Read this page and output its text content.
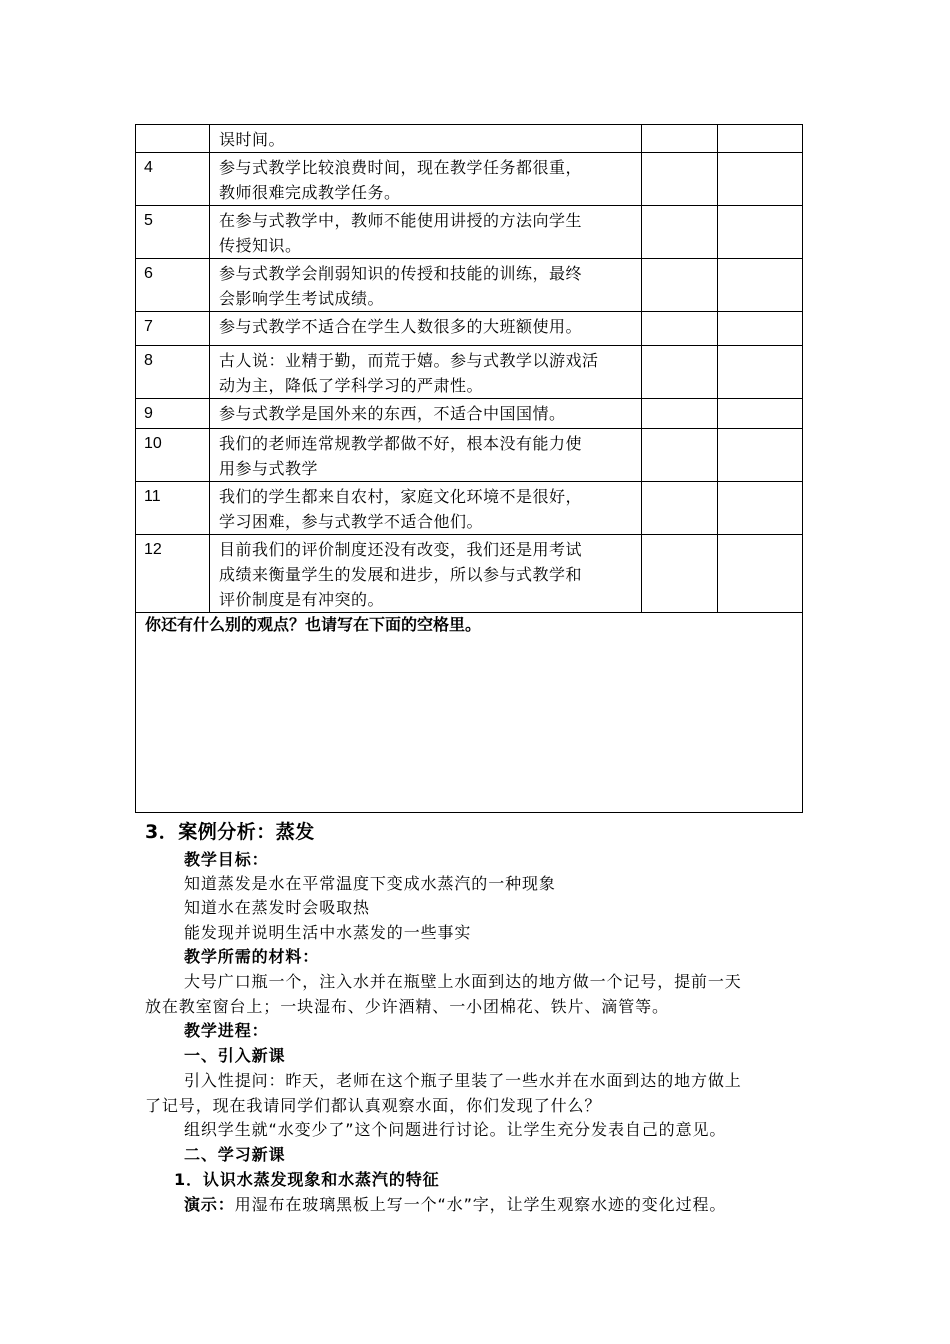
	误时间。		

4	参与式教学比较浪费时间，现在教学任务都很重，
教师很难完成教学任务。		

5	在参与式教学中，教师不能使用讲授的方法向学生
传授知识。		

6	参与式教学会削弱知识的传授和技能的训练，最终
会影响学生考试成绩。		

7	参与式教学不适合在学生人数很多的大班额使用。		

8	古人说：业精于勤，而荒于嬉。参与式教学以游戏活
动为主，降低了学科学习的严肃性。		

9	参与式教学是国外来的东西，不适合中国国情。		

10	我们的老师连常规教学都做不好，根本没有能力使
用参与式教学		

11	我们的学生都来自农村，家庭文化环境不是很好，
学习困难，参与式教学不适合他们。		

12	目前我们的评价制度还没有改变，我们还是用考试
成绩来衡量学生的发展和进步，所以参与式教学和
评价制度是有冲突的。		

你还有什么别的观点？也请写在下面的空格里。			
3．案例分析：蒸发
教学目标：
知道蒸发是水在平常温度下变成水蒸汽的一种现象
知道水在蒸发时会吸取热
能发现并说明生活中水蒸发的一些事实
教学所需的材料：
大号广口瓶一个，注入水并在瓶壁上水面到达的地方做一个记号，提前一天
放在教室窗台上；一块湿布、少许酒精、一小团棉花、铁片、滴管等。
教学进程：
一、引入新课
引入性提问：昨天，老师在这个瓶子里装了一些水并在水面到达的地方做上
了记号，现在我请同学们都认真观察水面，你们发现了什么？
组织学生就“水变少了”这个问题进行讨论。让学生充分发表自己的意见。
二、学习新课
1．认识水蒸发现象和水蒸汽的特征
演示：用湿布在玻璃黑板上写一个“水”字，让学生观察水迹的变化过程。
